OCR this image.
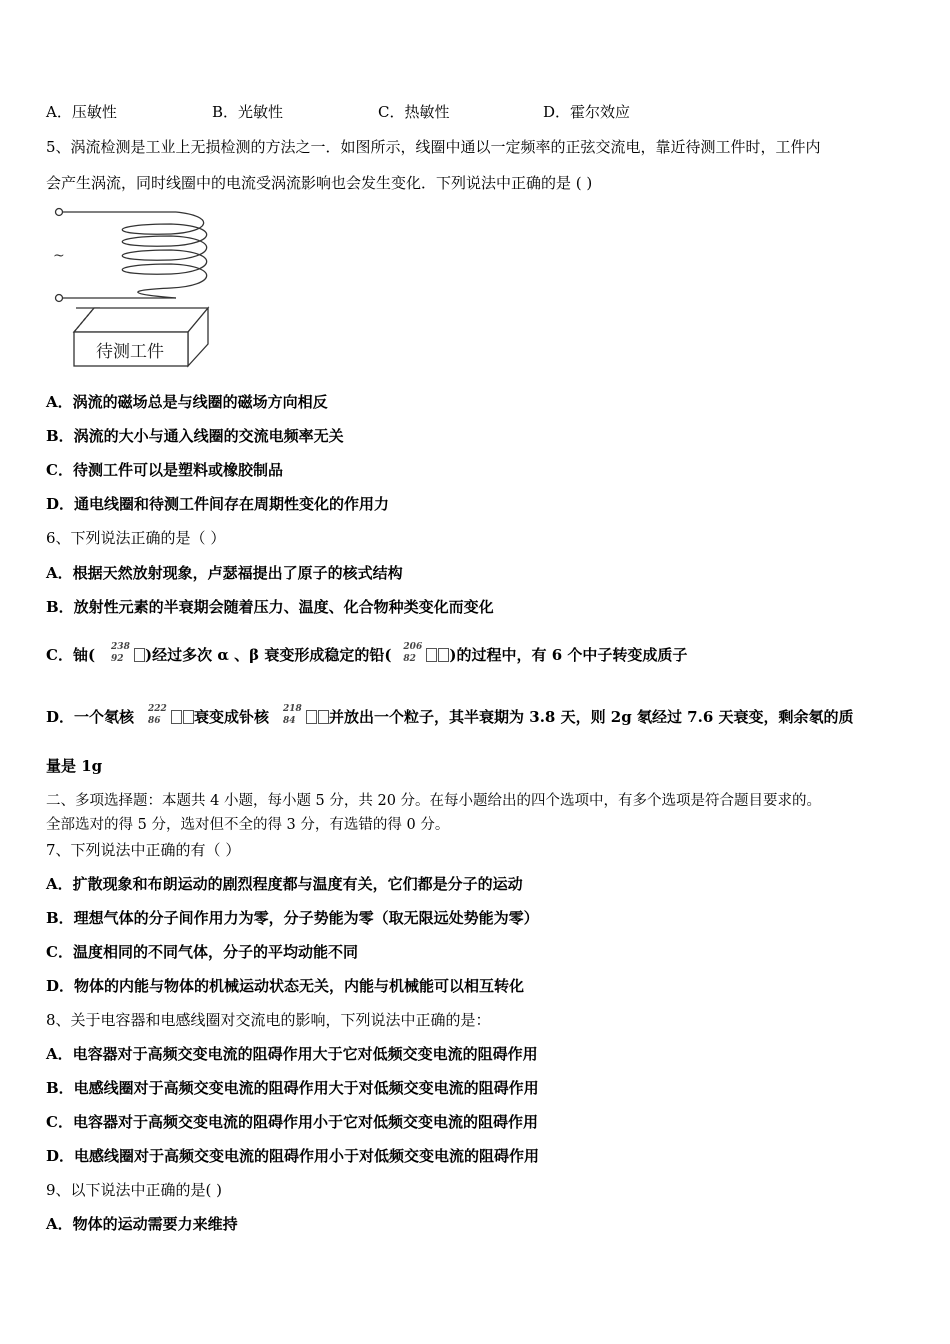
A．压敏性	B．光敏性	C．热敏性	D．霍尔效应
5、涡流检测是工业上无损检测的方法之一．如图所示，线圈中通以一定频率的正弦交流电，靠近待测工件时，工件内
会产生涡流，同时线圈中的电流受涡流影响也会发生变化．下列说法中正确的是 ( )
~
待测工件
A．涡流的磁场总是与线圈的磁场方向相反
B．涡流的大小与通入线圈的交流电频率无关
C．待测工件可以是塑料或橡胶制品
D．通电线圈和待测工件间存在周期性变化的作用力
6、下列说法正确的是（ ）
A．根据天然放射现象，卢瑟福提出了原子的核式结构
B．放射性元素的半衰期会随着压力、温度、化合物种类变化而变化
C．铀( 238
92 )经过多次 α 、β 衰变形成稳定的铅( 206
82 )的过程中，有 6 个中子转变成质子
D．一个氡核 222
86 衰变成钋核 218
84 并放出一个粒子，其半衰期为 3.8 天，则 2g 氡经过 7.6 天衰变，剩余氡的质
量是 1g
二、多项选择题：本题共 4 小题，每小题 5 分，共 20 分。在每小题给出的四个选项中，有多个选项是符合题目要求的。
全部选对的得 5 分，选对但不全的得 3 分，有选错的得 0 分。
7、下列说法中正确的有（ ）
A．扩散现象和布朗运动的剧烈程度都与温度有关，它们都是分子的运动
B．理想气体的分子间作用力为零，分子势能为零（取无限远处势能为零）
C．温度相同的不同气体，分子的平均动能不同
D．物体的内能与物体的机械运动状态无关，内能与机械能可以相互转化
8、关于电容器和电感线圈对交流电的影响，下列说法中正确的是：
A．电容器对于高频交变电流的阻碍作用大于它对低频交变电流的阻碍作用
B．电感线圈对于高频交变电流的阻碍作用大于对低频交变电流的阻碍作用
C．电容器对于高频交变电流的阻碍作用小于它对低频交变电流的阻碍作用
D．电感线圈对于高频交变电流的阻碍作用小于对低频交变电流的阻碍作用
9、以下说法中正确的是( )
A．物体的运动需要力来维持
